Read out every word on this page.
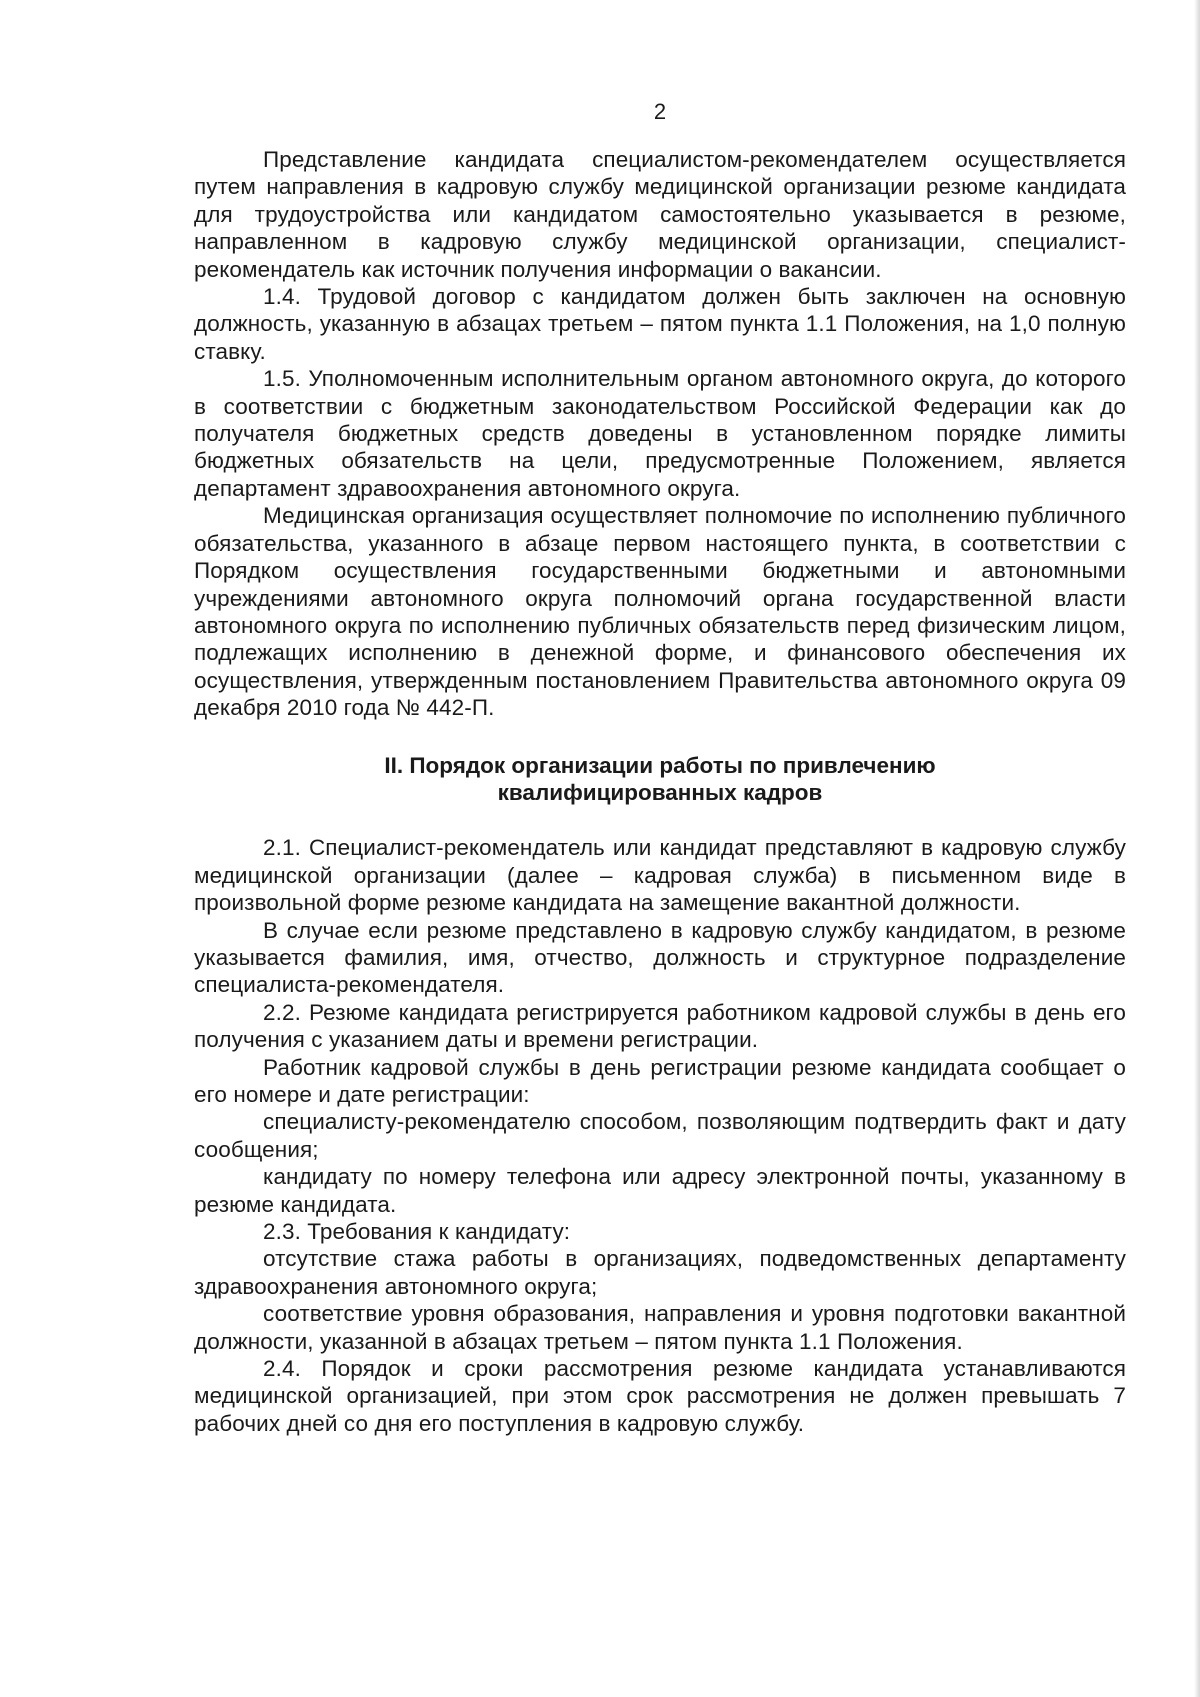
2

Представление кандидата специалистом-рекомендателем осуществляется путем направления в кадровую службу медицинской организации резюме кандидата для трудоустройства или кандидатом самостоятельно указывается в резюме, направленном в кадровую службу медицинской организации, специалист-рекомендатель как источник получения информации о вакансии.

1.4. Трудовой договор с кандидатом должен быть заключен на основную должность, указанную в абзацах третьем – пятом пункта 1.1 Положения, на 1,0 полную ставку.

1.5. Уполномоченным исполнительным органом автономного округа, до которого в соответствии с бюджетным законодательством Российской Федерации как до получателя бюджетных средств доведены в установленном порядке лимиты бюджетных обязательств на цели, предусмотренные Положением, является департамент здравоохранения автономного округа.

Медицинская организация осуществляет полномочие по исполнению публичного обязательства, указанного в абзаце первом настоящего пункта, в соответствии с Порядком осуществления государственными бюджетными и автономными учреждениями автономного округа полномочий органа государственной власти автономного округа по исполнению публичных обязательств перед физическим лицом, подлежащих исполнению в денежной форме, и финансового обеспечения их осуществления, утвержденным постановлением Правительства автономного округа 09 декабря 2010 года № 442-П.

II. Порядок организации работы по привлечению
квалифицированных кадров

2.1. Специалист-рекомендатель или кандидат представляют в кадровую службу медицинской организации (далее – кадровая служба) в письменном виде в произвольной форме резюме кандидата на замещение вакантной должности.

В случае если резюме представлено в кадровую службу кандидатом, в резюме указывается фамилия, имя, отчество, должность и структурное подразделение специалиста-рекомендателя.

2.2. Резюме кандидата регистрируется работником кадровой службы в день его получения с указанием даты и времени регистрации.

Работник кадровой службы в день регистрации резюме кандидата сообщает о его номере и дате регистрации:

специалисту-рекомендателю способом, позволяющим подтвердить факт и дату сообщения;

кандидату по номеру телефона или адресу электронной почты, указанному в резюме кандидата.

2.3. Требования к кандидату:

отсутствие стажа работы в организациях, подведомственных департаменту здравоохранения автономного округа;

соответствие уровня образования, направления и уровня подготовки вакантной должности, указанной в абзацах третьем – пятом пункта 1.1 Положения.

2.4. Порядок и сроки рассмотрения резюме кандидата устанавливаются медицинской организацией, при этом срок рассмотрения не должен превышать 7 рабочих дней со дня его поступления в кадровую службу.
